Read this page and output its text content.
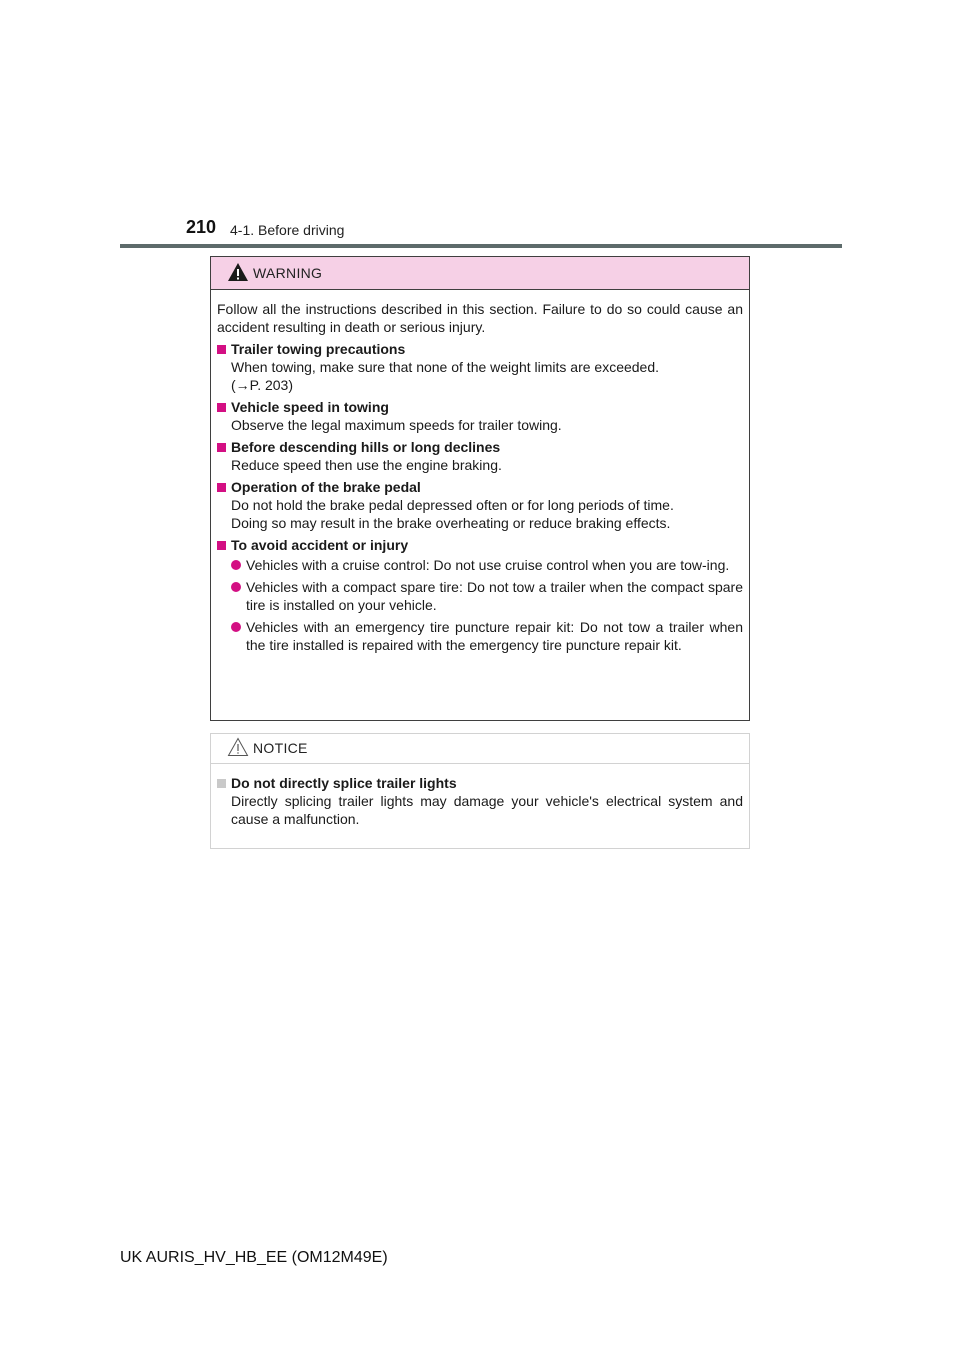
210 4-1. Before driving
WARNING

Follow all the instructions described in this section. Failure to do so could cause an accident resulting in death or serious injury.

Trailer towing precautions
When towing, make sure that none of the weight limits are exceeded.
(→P. 203)
Vehicle speed in towing
Observe the legal maximum speeds for trailer towing.
Before descending hills or long declines
Reduce speed then use the engine braking.
Operation of the brake pedal
Do not hold the brake pedal depressed often or for long periods of time.
Doing so may result in the brake overheating or reduce braking effects.
To avoid accident or injury
Vehicles with a cruise control: Do not use cruise control when you are tow-ing.
Vehicles with a compact spare tire: Do not tow a trailer when the compact spare tire is installed on your vehicle.
Vehicles with an emergency tire puncture repair kit: Do not tow a trailer when the tire installed is repaired with the emergency tire puncture repair kit.
NOTICE
Do not directly splice trailer lights
Directly splicing trailer lights may damage your vehicle's electrical system and cause a malfunction.
UK AURIS_HV_HB_EE (OM12M49E)
